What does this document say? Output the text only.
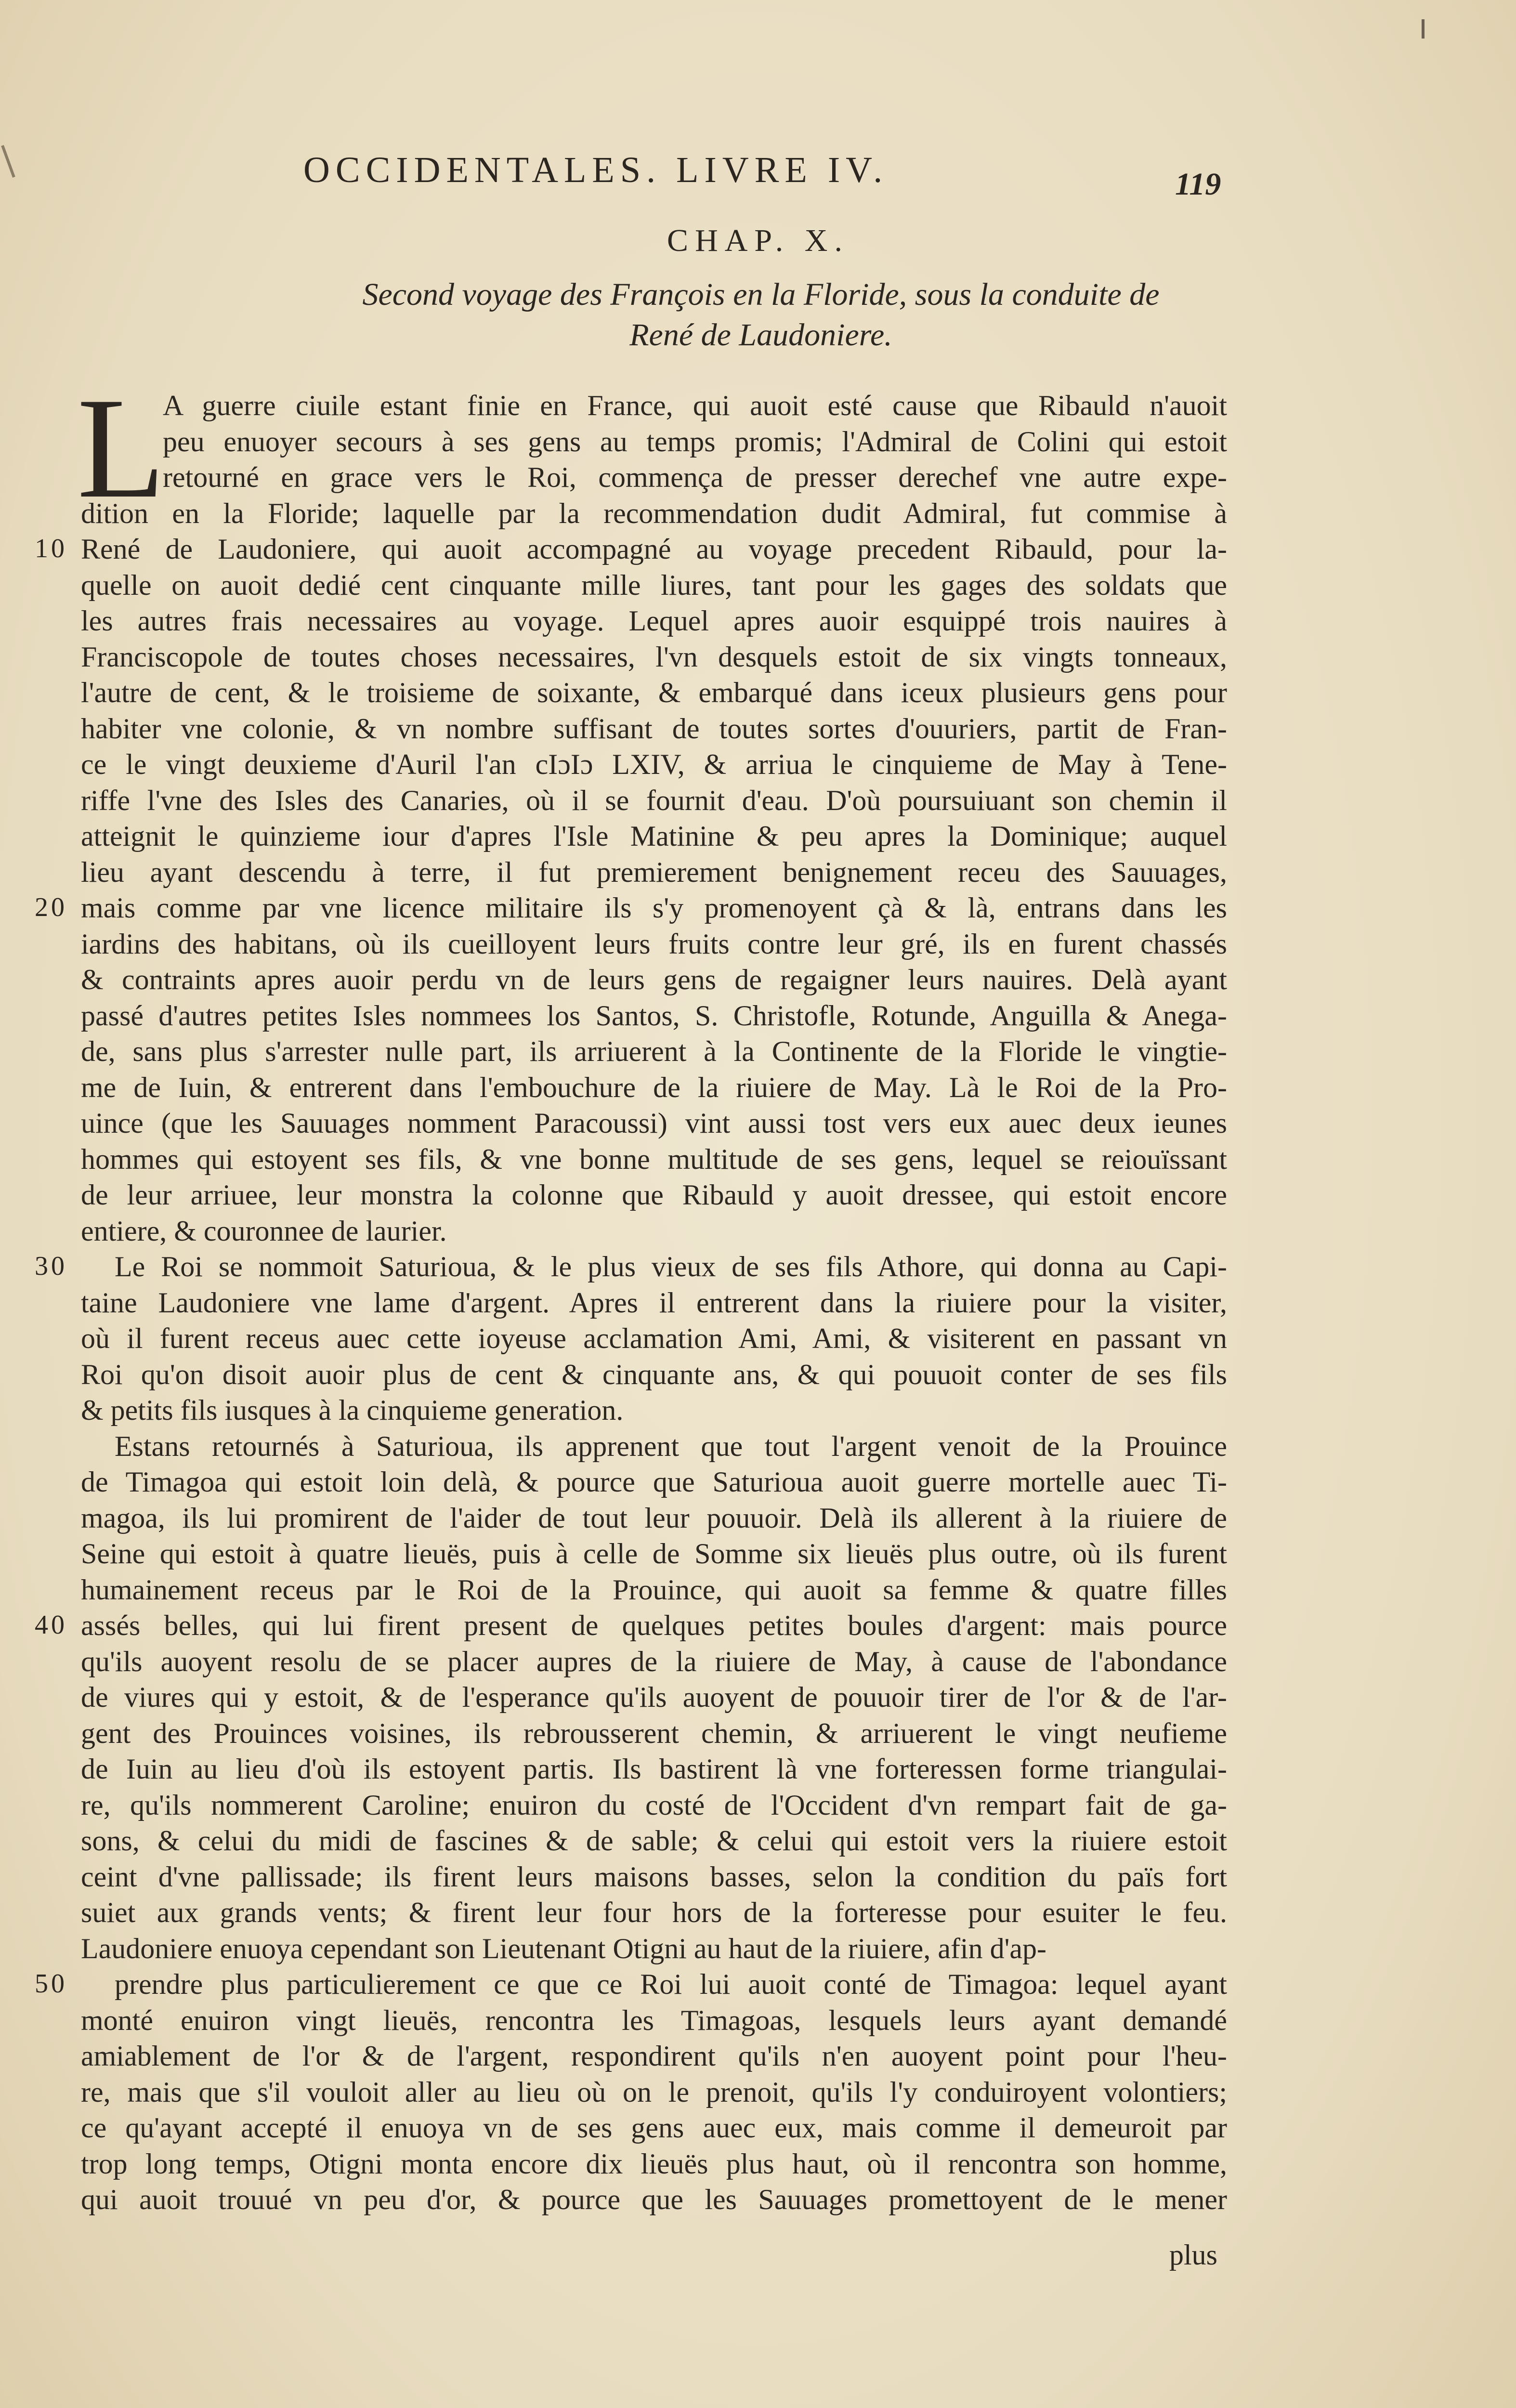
OCCIDENTALES. LIVRE IV.	119
CHAP. X.
Second voyage des François en la Floride, sous la conduite de
René de Laudoniere.
L
10
20
30
40
50
A guerre ciuile estant finie en France, qui auoit esté cause que Ribauld n'auoit
peu enuoyer secours à ses gens au temps promis; l'Admiral de Colini qui estoit
retourné en grace vers le Roi, commença de presser derechef vne autre expe-
dition en la Floride; laquelle par la recommendation dudit Admiral, fut commise à
René de Laudoniere, qui auoit accompagné au voyage precedent Ribauld, pour la-
quelle on auoit dedié cent cinquante mille liures, tant pour les gages des soldats que
les autres frais necessaires au voyage. Lequel apres auoir esquippé trois nauires à
Franciscopole de toutes choses necessaires, l'vn desquels estoit de six vingts tonneaux,
l'autre de cent, & le troisieme de soixante, & embarqué dans iceux plusieurs gens pour
habiter vne colonie, & vn nombre suffisant de toutes sortes d'ouuriers, partit de Fran-
ce le vingt deuxieme d'Auril l'an cIɔIɔ LXIV, & arriua le cinquieme de May à Tene-
riffe l'vne des Isles des Canaries, où il se fournit d'eau. D'où poursuiuant son chemin il
atteignit le quinzieme iour d'apres l'Isle Matinine & peu apres la Dominique; auquel
lieu ayant descendu à terre, il fut premierement benignement receu des Sauuages,
mais comme par vne licence militaire ils s'y promenoyent çà & là, entrans dans les
iardins des habitans, où ils cueilloyent leurs fruits contre leur gré, ils en furent chassés
& contraints apres auoir perdu vn de leurs gens de regaigner leurs nauires. Delà ayant
passé d'autres petites Isles nommees los Santos, S. Christofle, Rotunde, Anguilla & Anega-
de, sans plus s'arrester nulle part, ils arriuerent à la Continente de la Floride le vingtie-
me de Iuin, & entrerent dans l'embouchure de la riuiere de May. Là le Roi de la Pro-
uince (que les Sauuages nomment Paracoussi) vint aussi tost vers eux auec deux ieunes
hommes qui estoyent ses fils, & vne bonne multitude de ses gens, lequel se reiouïssant
de leur arriuee, leur monstra la colonne que Ribauld y auoit dressee, qui estoit encore
entiere, & couronnee de laurier.
Le Roi se nommoit Saturioua, & le plus vieux de ses fils Athore, qui donna au Capi-
taine Laudoniere vne lame d'argent. Apres il entrerent dans la riuiere pour la visiter,
où il furent receus auec cette ioyeuse acclamation Ami, Ami, & visiterent en passant vn
Roi qu'on disoit auoir plus de cent & cinquante ans, & qui pouuoit conter de ses fils
& petits fils iusques à la cinquieme generation.
Estans retournés à Saturioua, ils apprenent que tout l'argent venoit de la Prouince
de Timagoa qui estoit loin delà, & pource que Saturioua auoit guerre mortelle auec Ti-
magoa, ils lui promirent de l'aider de tout leur pouuoir. Delà ils allerent à la riuiere de
Seine qui estoit à quatre lieuës, puis à celle de Somme six lieuës plus outre, où ils furent
humainement receus par le Roi de la Prouince, qui auoit sa femme & quatre filles
assés belles, qui lui firent present de quelques petites boules d'argent: mais pource
qu'ils auoyent resolu de se placer aupres de la riuiere de May, à cause de l'abondance
de viures qui y estoit, & de l'esperance qu'ils auoyent de pouuoir tirer de l'or & de l'ar-
gent des Prouinces voisines, ils rebrousserent chemin, & arriuerent le vingt neufieme
de Iuin au lieu d'où ils estoyent partis. Ils bastirent là vne forteressen forme triangulai-
re, qu'ils nommerent Caroline; enuiron du costé de l'Occident d'vn rempart fait de ga-
sons, & celui du midi de fascines & de sable; & celui qui estoit vers la riuiere estoit
ceint d'vne pallissade; ils firent leurs maisons basses, selon la condition du païs fort
suiet aux grands vents; & firent leur four hors de la forteresse pour esuiter le feu.
Laudoniere enuoya cependant son Lieutenant Otigni au haut de la riuiere, afin d'ap-
prendre plus particulierement ce que ce Roi lui auoit conté de Timagoa: lequel ayant
monté enuiron vingt lieuës, rencontra les Timagoas, lesquels leurs ayant demandé
amiablement de l'or & de l'argent, respondirent qu'ils n'en auoyent point pour l'heu-
re, mais que s'il vouloit aller au lieu où on le prenoit, qu'ils l'y conduiroyent volontiers;
ce qu'ayant accepté il enuoya vn de ses gens auec eux, mais comme il demeuroit par
trop long temps, Otigni monta encore dix lieuës plus haut, où il rencontra son homme,
qui auoit trouué vn peu d'or, & pource que les Sauuages promettoyent de le mener
plus
